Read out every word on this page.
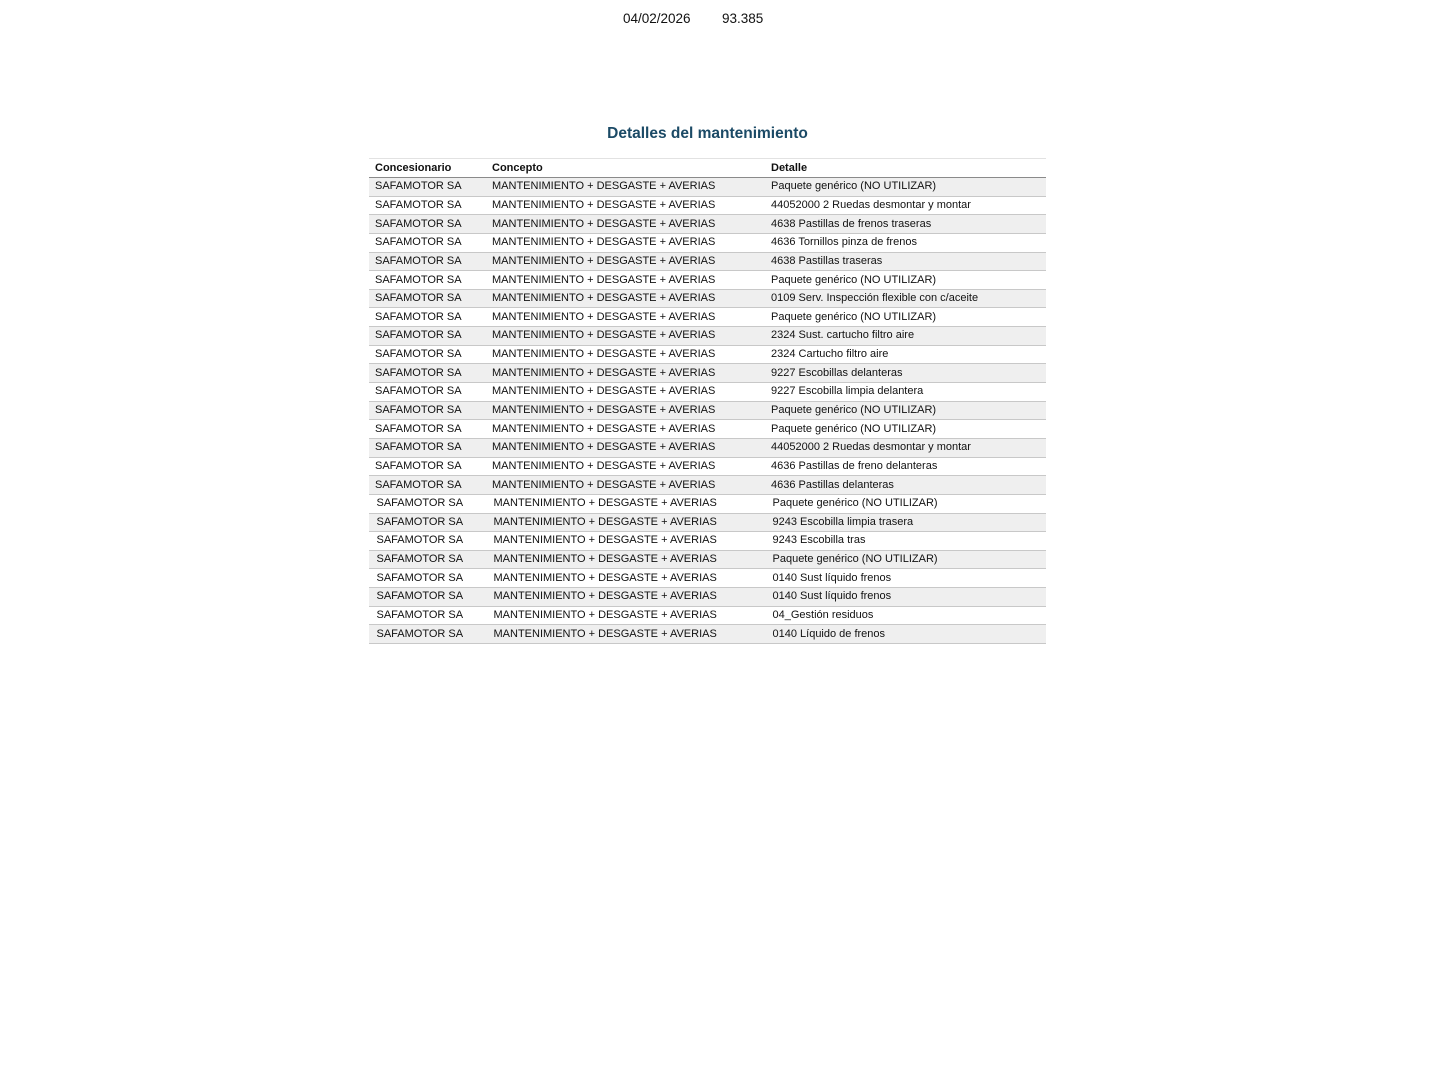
04/02/2026 93.385
Detalles del mantenimiento
Concesionario	Concepto	Detalle
SAFAMOTOR SA	MANTENIMIENTO + DESGASTE + AVERIAS	Paquete genérico (NO UTILIZAR)
SAFAMOTOR SA	MANTENIMIENTO + DESGASTE + AVERIAS	44052000 2 Ruedas desmontar y montar
SAFAMOTOR SA	MANTENIMIENTO + DESGASTE + AVERIAS	4638 Pastillas de frenos traseras
SAFAMOTOR SA	MANTENIMIENTO + DESGASTE + AVERIAS	4636 Tornillos pinza de frenos
SAFAMOTOR SA	MANTENIMIENTO + DESGASTE + AVERIAS	4638 Pastillas traseras
SAFAMOTOR SA	MANTENIMIENTO + DESGASTE + AVERIAS	Paquete genérico (NO UTILIZAR)
SAFAMOTOR SA	MANTENIMIENTO + DESGASTE + AVERIAS	0109 Serv. Inspección flexible con c/aceite
SAFAMOTOR SA	MANTENIMIENTO + DESGASTE + AVERIAS	Paquete genérico (NO UTILIZAR)
SAFAMOTOR SA	MANTENIMIENTO + DESGASTE + AVERIAS	2324 Sust. cartucho filtro aire
SAFAMOTOR SA	MANTENIMIENTO + DESGASTE + AVERIAS	2324 Cartucho filtro aire
SAFAMOTOR SA	MANTENIMIENTO + DESGASTE + AVERIAS	9227 Escobillas delanteras
SAFAMOTOR SA	MANTENIMIENTO + DESGASTE + AVERIAS	9227 Escobilla limpia delantera
SAFAMOTOR SA	MANTENIMIENTO + DESGASTE + AVERIAS	Paquete genérico (NO UTILIZAR)
SAFAMOTOR SA	MANTENIMIENTO + DESGASTE + AVERIAS	Paquete genérico (NO UTILIZAR)
SAFAMOTOR SA	MANTENIMIENTO + DESGASTE + AVERIAS	44052000 2 Ruedas desmontar y montar
SAFAMOTOR SA	MANTENIMIENTO + DESGASTE + AVERIAS	4636 Pastillas de freno delanteras
SAFAMOTOR SA	MANTENIMIENTO + DESGASTE + AVERIAS	4636 Pastillas delanteras
SAFAMOTOR SA	MANTENIMIENTO + DESGASTE + AVERIAS	Paquete genérico (NO UTILIZAR)
SAFAMOTOR SA	MANTENIMIENTO + DESGASTE + AVERIAS	9243 Escobilla limpia trasera
SAFAMOTOR SA	MANTENIMIENTO + DESGASTE + AVERIAS	9243 Escobilla tras
SAFAMOTOR SA	MANTENIMIENTO + DESGASTE + AVERIAS	Paquete genérico (NO UTILIZAR)
SAFAMOTOR SA	MANTENIMIENTO + DESGASTE + AVERIAS	0140 Sust líquido frenos
SAFAMOTOR SA	MANTENIMIENTO + DESGASTE + AVERIAS	0140 Sust líquido frenos
SAFAMOTOR SA	MANTENIMIENTO + DESGASTE + AVERIAS	04_Gestión residuos
SAFAMOTOR SA	MANTENIMIENTO + DESGASTE + AVERIAS	0140 Líquido de frenos
